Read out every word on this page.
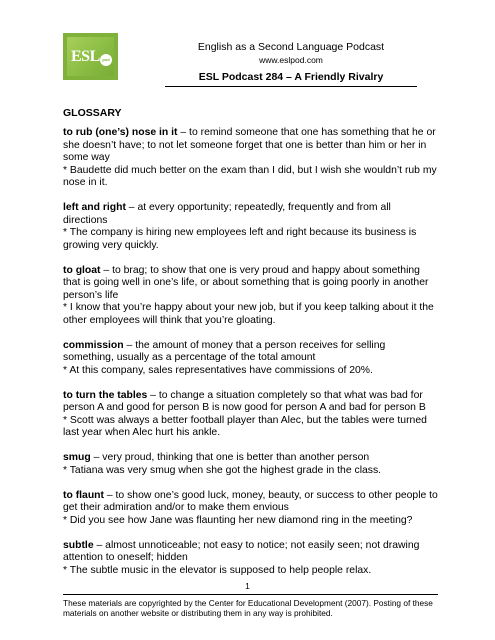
ESL pod
English as a Second Language Podcast
www.eslpod.com
ESL Podcast 284 – A Friendly Rivalry
GLOSSARY

to rub (one’s) nose in it – to remind someone that one has something that he or she doesn’t have; to not let someone forget that one is better than him or her in some way

* Baudette did much better on the exam than I did, but I wish she wouldn’t rub my nose in it.

left and right – at every opportunity; repeatedly, frequently and from all directions

* The company is hiring new employees left and right because its business is growing very quickly.

to gloat – to brag; to show that one is very proud and happy about something that is going well in one’s life, or about something that is going poorly in another person’s life

* I know that you’re happy about your new job, but if you keep talking about it the other employees will think that you’re gloating.

commission – the amount of money that a person receives for selling something, usually as a percentage of the total amount

* At this company, sales representatives have commissions of 20%.

to turn the tables – to change a situation completely so that what was bad for person A and good for person B is now good for person A and bad for person B

* Scott was always a better football player than Alec, but the tables were turned last year when Alec hurt his ankle.

smug – very proud, thinking that one is better than another person

* Tatiana was very smug when she got the highest grade in the class.

to flaunt – to show one’s good luck, money, beauty, or success to other people to get their admiration and/or to make them envious

* Did you see how Jane was flaunting her new diamond ring in the meeting?

subtle – almost unnoticeable; not easy to notice; not easily seen; not drawing attention to oneself; hidden

* The subtle music in the elevator is supposed to help people relax.

1
These materials are copyrighted by the Center for Educational Development (2007). Posting of these materials on another website or distributing them in any way is prohibited.
